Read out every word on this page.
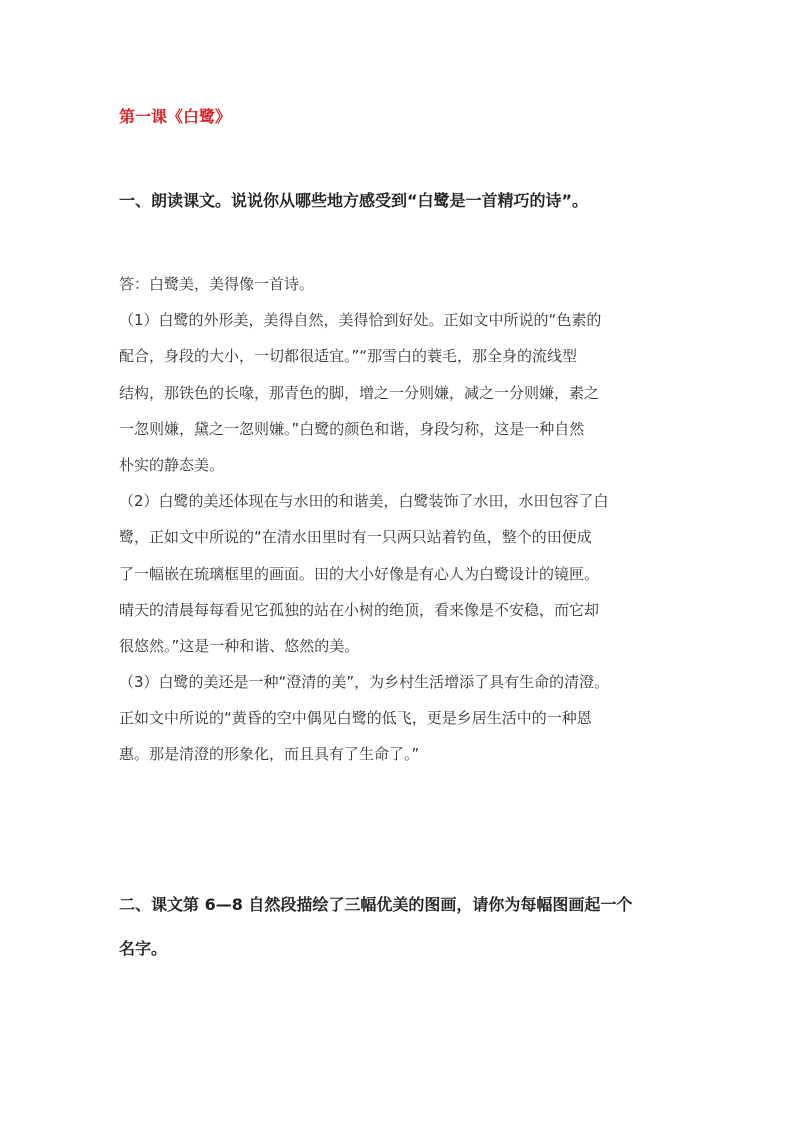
第一课《白鹭》
一、朗读课文。说说你从哪些地方感受到“白鹭是一首精巧的诗”。
答：白鹭美，美得像一首诗。
（1）白鹭的外形美，美得自然，美得恰到好处。正如文中所说的“色素的
配合，身段的大小，一切都很适宜。”“那雪白的蓑毛，那全身的流线型
结构，那铁色的长喙，那青色的脚，增之一分则嫌，减之一分则嫌，素之
一忽则嫌，黛之一忽则嫌。”白鹭的颜色和谐，身段匀称，这是一种自然
朴实的静态美。
（2）白鹭的美还体现在与水田的和谐美，白鹭装饰了水田，水田包容了白
鹭，正如文中所说的“在清水田里时有一只两只站着钓鱼，整个的田便成
了一幅嵌在琉璃框里的画面。田的大小好像是有心人为白鹭设计的镜匣。
晴天的清晨每每看见它孤独的站在小树的绝顶，看来像是不安稳，而它却
很悠然。”这是一种和谐、悠然的美。
（3）白鹭的美还是一种“澄清的美”，为乡村生活增添了具有生命的清澄。
正如文中所说的“黄昏的空中偶见白鹭的低飞，更是乡居生活中的一种恩
惠。那是清澄的形象化，而且具有了生命了。”
二、课文第 6—8 自然段描绘了三幅优美的图画，请你为每幅图画起一个
名字。
